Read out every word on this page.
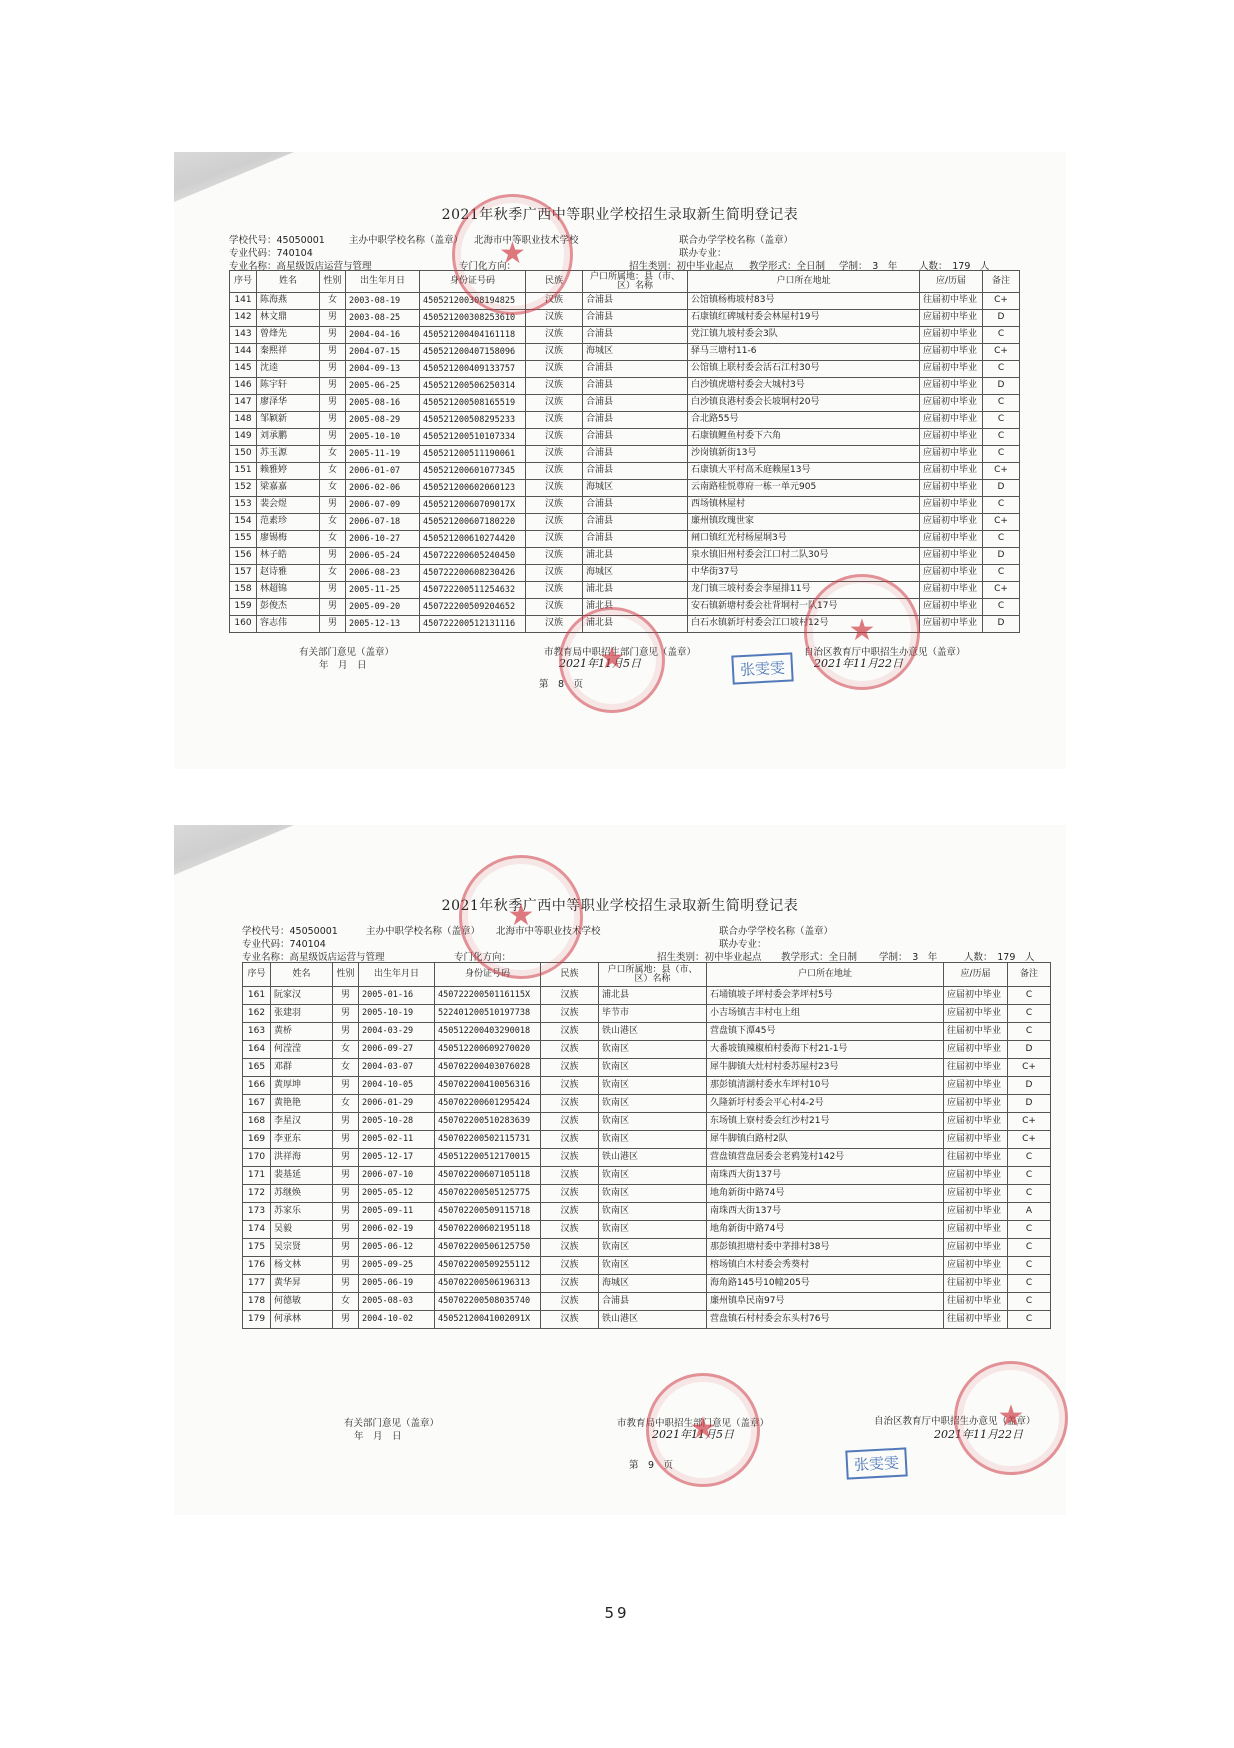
2021年秋季广西中等职业学校招生录取新生简明登记表
学校代号：45050001	主办中职学校名称（盖章） 北海市中等职业技术学校	联合办学学校名称（盖章）
专业代码：740104	联办专业：
专业名称：高星级饭店运营与管理	专门化方向：	招生类别：初中毕业起点 教学形式：全日制 学制：　3　年 人数：　179　人
序号	姓名	性别	出生年月日	身份证号码	民族	户口所属地：县（市、区）名称	户口所在地址	应/历届	备注
141	陈海燕	女	2003-08-19	450521200308194825	汉族	合浦县	公馆镇杨梅坡村83号	往届初中毕业	C+
142	林文鼎	男	2003-08-25	450521200308253610	汉族	合浦县	石康镇红碑城村委会林屋村19号	应届初中毕业	D
143	曾烽先	男	2004-04-16	450521200404161118	汉族	合浦县	党江镇九坡村委会3队	应届初中毕业	C
144	秦熙祥	男	2004-07-15	450521200407158096	汉族	海城区	驿马三塘村11-6	应届初中毕业	C+
145	沈逵	男	2004-09-13	450521200409133757	汉族	合浦县	公馆镇上联村委会活石江村30号	应届初中毕业	C
146	陈宇轩	男	2005-06-25	450521200506250314	汉族	合浦县	白沙镇虎塘村委会大城村3号	应届初中毕业	D
147	廖泽华	男	2005-08-16	450521200508165519	汉族	合浦县	白沙镇良港村委会长坡垌村20号	应届初中毕业	C
148	邹颖新	男	2005-08-29	450521200508295233	汉族	合浦县	合北路55号	应届初中毕业	C
149	刘承鹏	男	2005-10-10	450521200510107334	汉族	合浦县	石康镇鲤鱼村委下六角	应届初中毕业	C
150	苏玉源	女	2005-11-19	450521200511190061	汉族	合浦县	沙岗镇新街13号	应届初中毕业	C
151	赖雅婷	女	2006-01-07	450521200601077345	汉族	合浦县	石康镇大平村高禾庭赖屋13号	应届初中毕业	C+
152	梁嘉嘉	女	2006-02-06	450521200602060123	汉族	海城区	云南路桂悦尊府一栋一单元905	应届初中毕业	D
153	裴会煜	男	2006-07-09	45052120060709017X	汉族	合浦县	西场镇林屋村	应届初中毕业	C
154	范素珍	女	2006-07-18	450521200607180220	汉族	合浦县	廉州镇玫瑰世家	应届初中毕业	C+
155	廖锡梅	女	2006-10-27	450521200610274420	汉族	合浦县	闸口镇红光村杨屋垌3号	应届初中毕业	C
156	林子皓	男	2006-05-24	450722200605240450	汉族	浦北县	泉水镇旧州村委会江口村二队30号	应届初中毕业	D
157	赵诗雅	女	2006-08-23	450722200608230426	汉族	海城区	中华街37号	应届初中毕业	C
158	林超锦	男	2005-11-25	450722200511254632	汉族	浦北县	龙门镇三坡村委会李屋排11号	应届初中毕业	C+
159	彭俊杰	男	2005-09-20	450722200509204652	汉族	浦北县	安石镇新塘村委会社背垌村一队17号	应届初中毕业	C
160	容志伟	男	2005-12-13	450722200512131116	汉族	浦北县	白石水镇新圩村委会江口坡村12号	应届初中毕业	D
有关部门意见（盖章）
年　月　日
市教育局中职招生部门意见（盖章）
2021年11月5日
自治区教育厅中职招生办意见（盖章）
2021年11月22日
第　8　页
张雯雯
★
★
★
2021年秋季广西中等职业学校招生录取新生简明登记表
学校代号：45050001	主办中职学校名称（盖章） 北海市中等职业技术学校	联合办学学校名称（盖章）
专业代码：740104	联办专业：
专业名称：高星级饭店运营与管理	专门化方向：	招生类别：初中毕业起点 教学形式：全日制 学制：　3　年	人数：　179　人
序号	姓名	性别	出生年月日	身份证号码	民族	户口所属地：县（市、区）名称	户口所在地址	应/历届	备注
161	阮家汉	男	2005-01-16	45072220050116115X	汉族	浦北县	石埇镇坡子坪村委会茅坪村5号	应届初中毕业	C
162	张建羽	男	2005-10-19	522401200510197738	汉族	毕节市	小吉场镇吉丰村屯上组	应届初中毕业	C
163	黄桥	男	2004-03-29	450512200403290018	汉族	铁山港区	营盘镇下潭45号	往届初中毕业	C
164	何滢滢	女	2006-09-27	450512200609270020	汉族	钦南区	大番坡镇辣椒柏村委海下村21-1号	应届初中毕业	D
165	邓群	女	2004-03-07	450702200403076028	汉族	钦南区	犀牛脚镇大灶村村委苏屋村23号	往届初中毕业	C+
166	黄厚坤	男	2004-10-05	450702200410056316	汉族	钦南区	那彭镇清湖村委水车坪村10号	应届初中毕业	D
167	黄艳艳	女	2006-01-29	450702200601295424	汉族	钦南区	久隆新圩村委会平心村4-2号	应届初中毕业	D
168	李星汉	男	2005-10-28	450702200510283639	汉族	钦南区	东场镇上寮村委会红沙村21号	应届初中毕业	C+
169	李亚东	男	2005-02-11	450702200502115731	汉族	钦南区	犀牛脚镇白路村2队	应届初中毕业	C+
170	洪祥海	男	2005-12-17	450512200512170015	汉族	铁山港区	营盘镇营盘居委会老鸦笼村142号	往届初中毕业	C
171	裴基延	男	2006-07-10	450702200607105118	汉族	钦南区	南珠西大街137号	应届初中毕业	C
172	苏继焕	男	2005-05-12	450702200505125775	汉族	钦南区	地角新街中路74号	应届初中毕业	C
173	苏家乐	男	2005-09-11	450702200509115718	汉族	钦南区	南珠西大街137号	应届初中毕业	A
174	吴毅	男	2006-02-19	450702200602195118	汉族	钦南区	地角新街中路74号	应届初中毕业	C
175	吴宗贤	男	2005-06-12	450702200506125750	汉族	钦南区	那彭镇担塘村委中茅排村38号	应届初中毕业	C
176	杨文林	男	2005-09-25	450702200509255112	汉族	钦南区	榕场镇白木村委会秀葵村	应届初中毕业	C
177	黄华昇	男	2005-06-19	450702200506196313	汉族	海城区	海角路145号10幢205号	往届初中毕业	C
178	何德敏	女	2005-08-03	450702200508035740	汉族	合浦县	廉州镇阜民南97号	往届初中毕业	C
179	何承林	男	2004-10-02	45052120041002091X	汉族	铁山港区	营盘镇石村村委会东头村76号	往届初中毕业	C
有关部门意见（盖章）
年　月　日
市教育局中职招生部门意见（盖章）
2021年11月5日
自治区教育厅中职招生办意见（盖章）
2021年11月22日
第　9　页	张雯雯
★
★
★
59
